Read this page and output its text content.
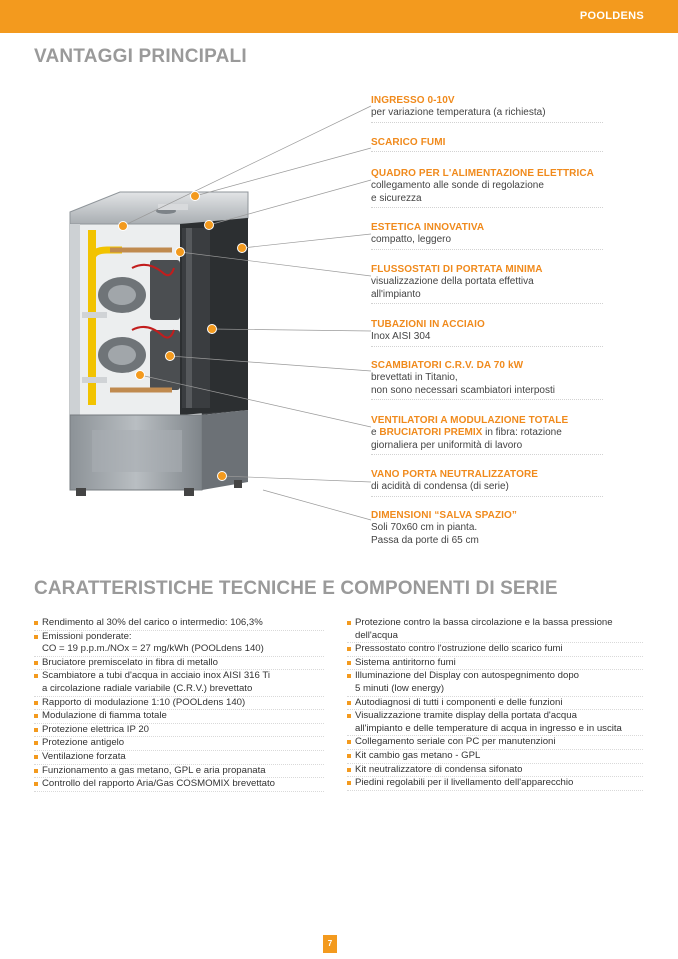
POOLDENS
VANTAGGI PRINCIPALI
INGRESSO 0-10V
per variazione temperatura (a richiesta)
SCARICO FUMI
QUADRO PER L'ALIMENTAZIONE ELETTRICA
collegamento alle sonde di regolazione
e sicurezza
ESTETICA INNOVATIVA
compatto, leggero
FLUSSOSTATI DI PORTATA MINIMA
visualizzazione della portata effettiva
all'impianto
TUBAZIONI IN ACCIAIO
Inox AISI 304
SCAMBIATORI C.R.V. DA 70 kW
brevettati in Titanio,
non sono necessari scambiatori interposti
VENTILATORI A MODULAZIONE TOTALE
e BRUCIATORI PREMIX in fibra: rotazione
giornaliera per uniformità di lavoro
VANO PORTA NEUTRALIZZATORE
di acidità di condensa (di serie)
DIMENSIONI “SALVA SPAZIO”
Soli 70x60 cm in pianta.
Passa da porte di 65 cm
CARATTERISTICHE TECNICHE E COMPONENTI DI SERIE
Rendimento al 30% del carico o intermedio: 106,3%
Emissioni ponderate:
CO = 19 p.p.m./NOx = 27 mg/kWh (POOLdens 140)
Bruciatore premiscelato in fibra di metallo
Scambiatore a tubi d'acqua in acciaio inox AISI 316 Ti
a circolazione radiale variabile (C.R.V.) brevettato
Rapporto di modulazione 1:10 (POOLdens 140)
Modulazione di fiamma totale
Protezione elettrica IP 20
Protezione antigelo
Ventilazione forzata
Funzionamento a gas metano, GPL e aria propanata
Controllo del rapporto Aria/Gas COSMOMIX brevettato
Protezione contro la bassa circolazione e la bassa pressione
dell'acqua
Pressostato contro l'ostruzione dello scarico fumi
Sistema antiritorno fumi
Illuminazione del Display con autospegnimento dopo
5 minuti (low energy)
Autodiagnosi di tutti i componenti e delle funzioni
Visualizzazione tramite display della portata d'acqua
all'impianto e delle temperature di acqua in ingresso e in uscita
Collegamento seriale con PC per manutenzioni
Kit cambio gas metano - GPL
Kit neutralizzatore di condensa sifonato
Piedini regolabili per il livellamento dell'apparecchio
7
